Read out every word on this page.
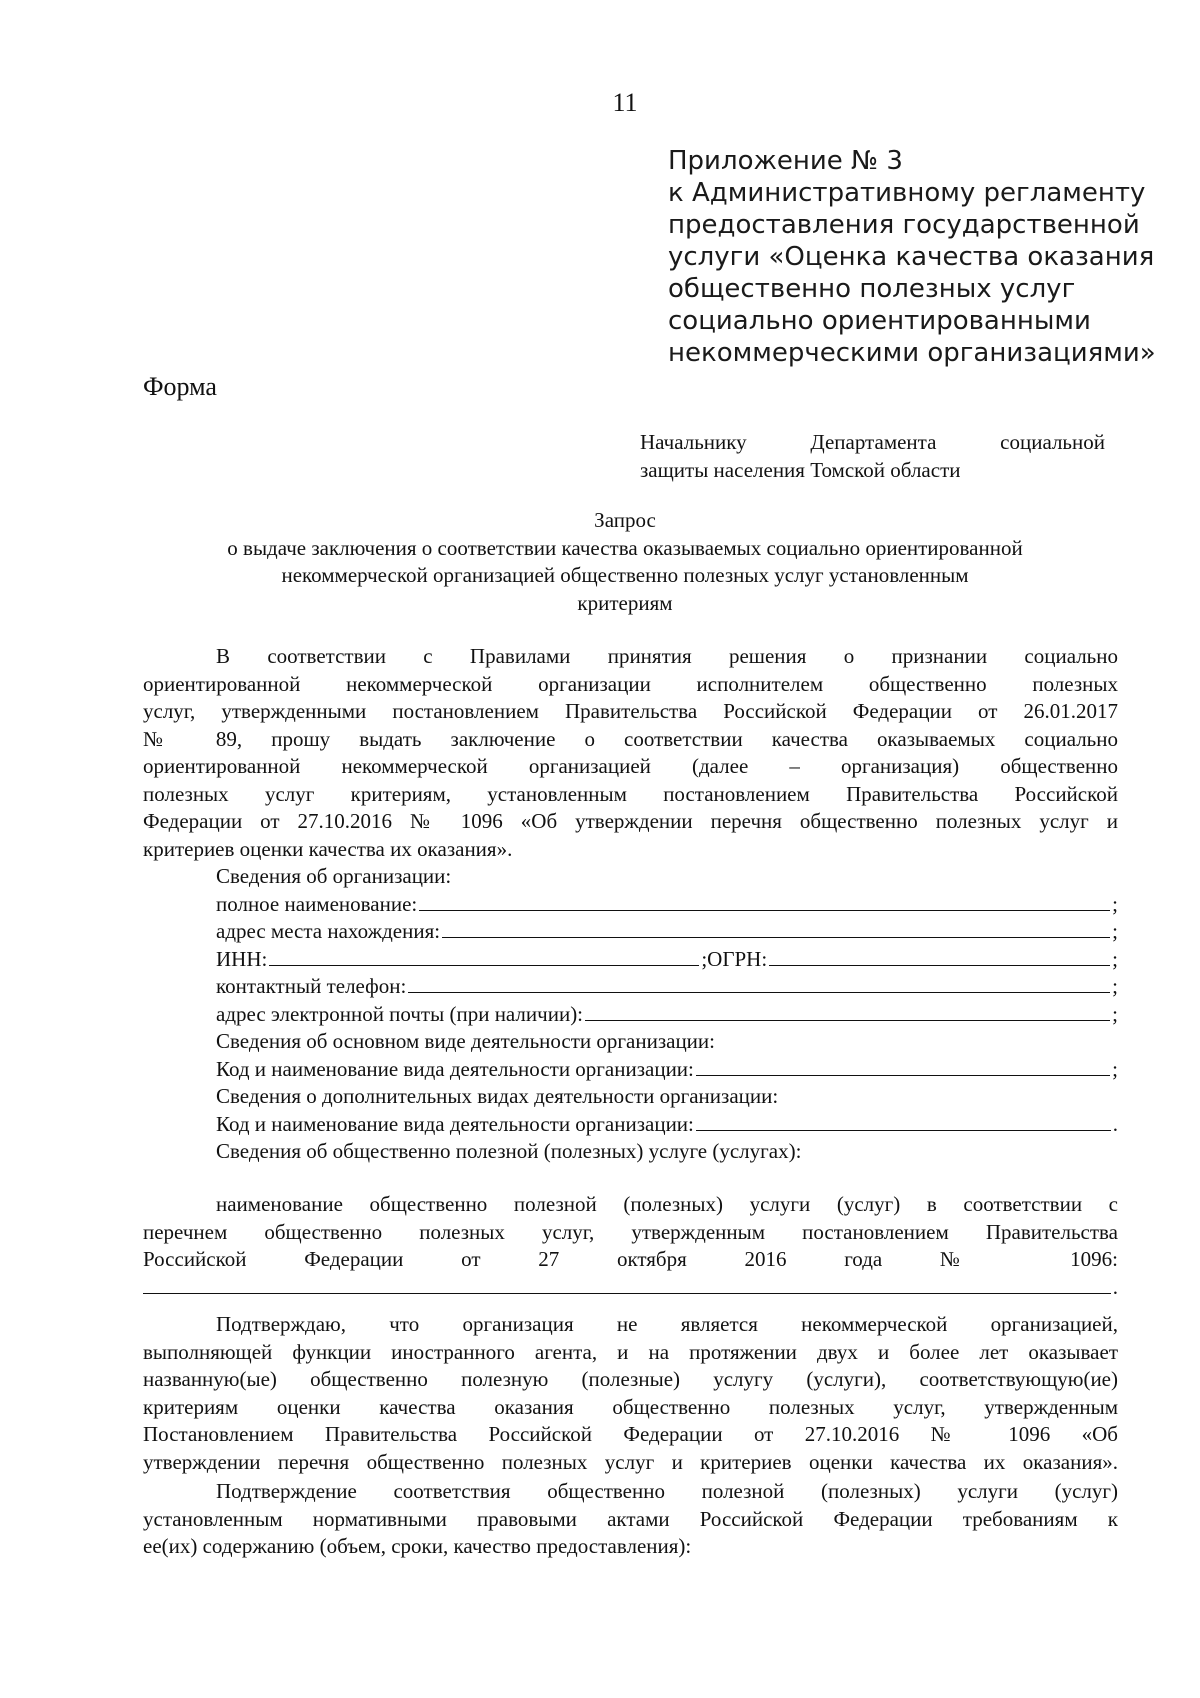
11
Приложение № 3
к Административному регламенту
предоставления государственной
услуги «Оценка качества оказания
общественно полезных услуг
социально ориентированными
некоммерческими организациями»
Форма
Начальнику	Департамента	социальной
защиты населения Томской области
Запрос
о выдаче заключения о соответствии качества оказываемых социально ориентированной
некоммерческой организацией общественно полезных услуг установленным
критериям
В соответствии с Правилами принятия решения о признании социально
ориентированной некоммерческой организации исполнителем общественно полезных
услуг, утвержденными постановлением Правительства Российской Федерации от 26.01.2017
№ 89, прошу выдать заключение о соответствии качества оказываемых социально
ориентированной некоммерческой организацией (далее – организация) общественно
полезных услуг критериям, установленным постановлением Правительства Российской
Федерации от 27.10.2016 № 1096 «Об утверждении перечня общественно полезных услуг и
критериев оценки качества их оказания».
Сведения об организации:
полное наименование:	;
адрес места нахождения:	;
ИНН:	;ОГРН:	;
контактный телефон:	;
адрес электронной почты (при наличии):	;
Сведения об основном виде деятельности организации:
Код и наименование вида деятельности организации:	;
Сведения о дополнительных видах деятельности организации:
Код и наименование вида деятельности организации:	.
Сведения об общественно полезной (полезных) услуге (услугах):
наименование общественно полезной (полезных) услуги (услуг) в соответствии с
перечнем общественно полезных услуг, утвержденным постановлением Правительства
Российской Федерации от 27 октября 2016 года № 1096:
.
Подтверждаю, что организация не является некоммерческой организацией,
выполняющей функции иностранного агента, и на протяжении двух и более лет оказывает
названную(ые) общественно полезную (полезные) услугу (услуги), соответствующую(ие)
критериям оценки качества оказания общественно полезных услуг, утвержденным
Постановлением Правительства Российской Федерации от 27.10.2016 № 1096 «Об
утверждении перечня общественно полезных услуг и критериев оценки качества их оказания».
Подтверждение соответствия общественно полезной (полезных) услуги (услуг)
установленным нормативными правовыми актами Российской Федерации требованиям к
ее(их) содержанию (объем, сроки, качество предоставления):
